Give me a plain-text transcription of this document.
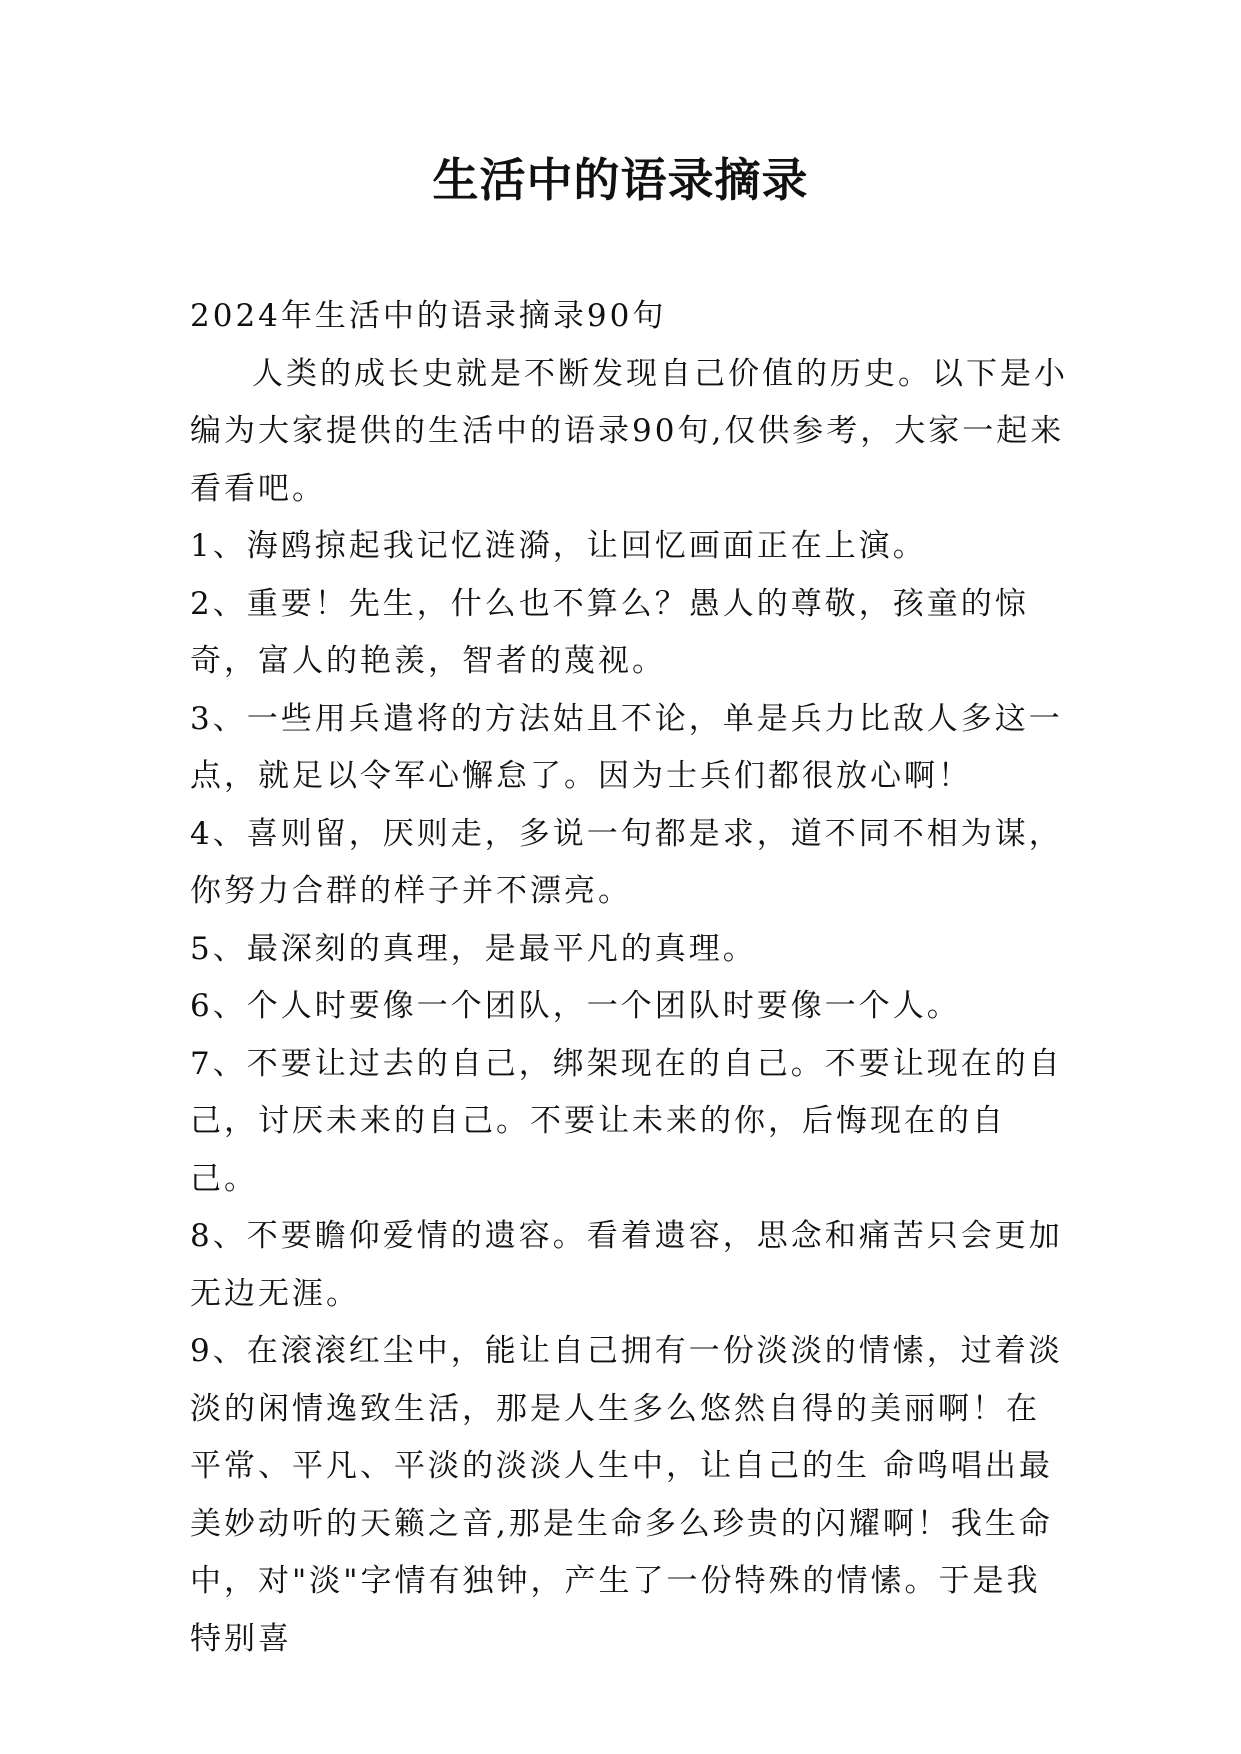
生活中的语录摘录

2024年生活中的语录摘录90句

人类的成长史就是不断发现自己价值的历史。以下是小编为大家提供的生活中的语录90句,仅供参考，大家一起来看看吧。

1、海鸥掠起我记忆涟漪，让回忆画面正在上演。

2、重要！先生，什么也不算么？愚人的尊敬，孩童的惊奇，富人的艳羡，智者的蔑视。

3、一些用兵遣将的方法姑且不论，单是兵力比敌人多这一点，就足以令军心懈怠了。因为士兵们都很放心啊！

4、喜则留，厌则走，多说一句都是求，道不同不相为谋，你努力合群的样子并不漂亮。

5、最深刻的真理，是最平凡的真理。

6、个人时要像一个团队，一个团队时要像一个人。

7、不要让过去的自己，绑架现在的自己。不要让现在的自己，讨厌未来的自己。不要让未来的你，后悔现在的自己。

8、不要瞻仰爱情的遗容。看着遗容，思念和痛苦只会更加无边无涯。

9、在滚滚红尘中，能让自己拥有一份淡淡的情愫，过着淡淡的闲情逸致生活，那是人生多么悠然自得的美丽啊！在平常、平凡、平淡的淡淡人生中，让自己的生 命鸣唱出最美妙动听的天籁之音,那是生命多么珍贵的闪耀啊！我生命中，对"淡"字情有独钟，产生了一份特殊的情愫。于是我特别喜
